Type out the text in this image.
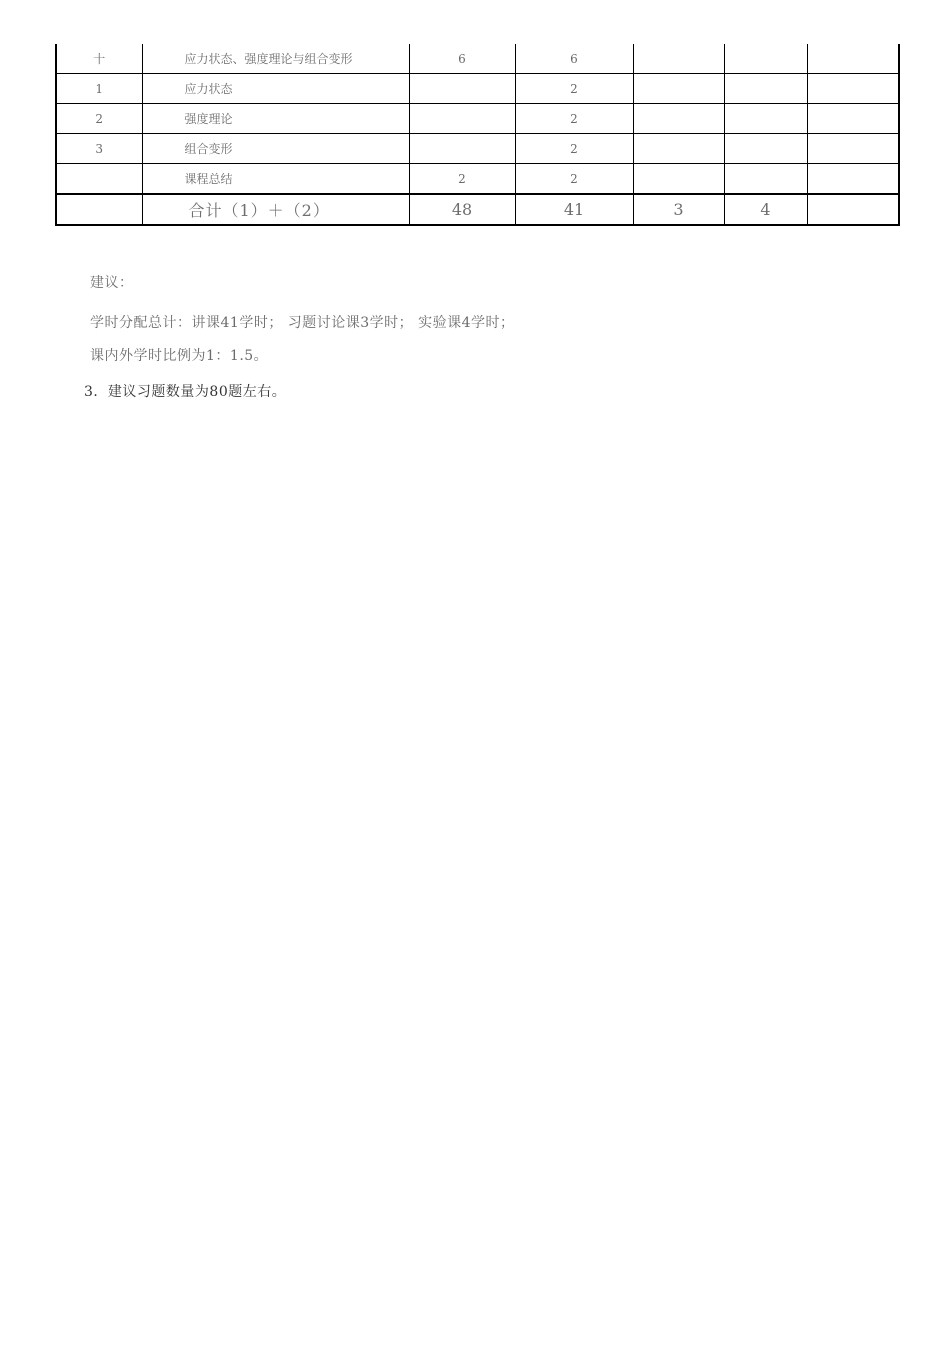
十	应力状态、强度理论与组合变形	6	6			
1	应力状态		2			
2	强度理论		2			
3	组合变形		2			
	课程总结	2	2			
	合计（1）＋（2）	48	41	3	4	
建议：
学时分配总计：讲课41学时； 习题讨论课3学时； 实验课4学时；
课内外学时比例为1：1.5。
3．建议习题数量为80题左右。
